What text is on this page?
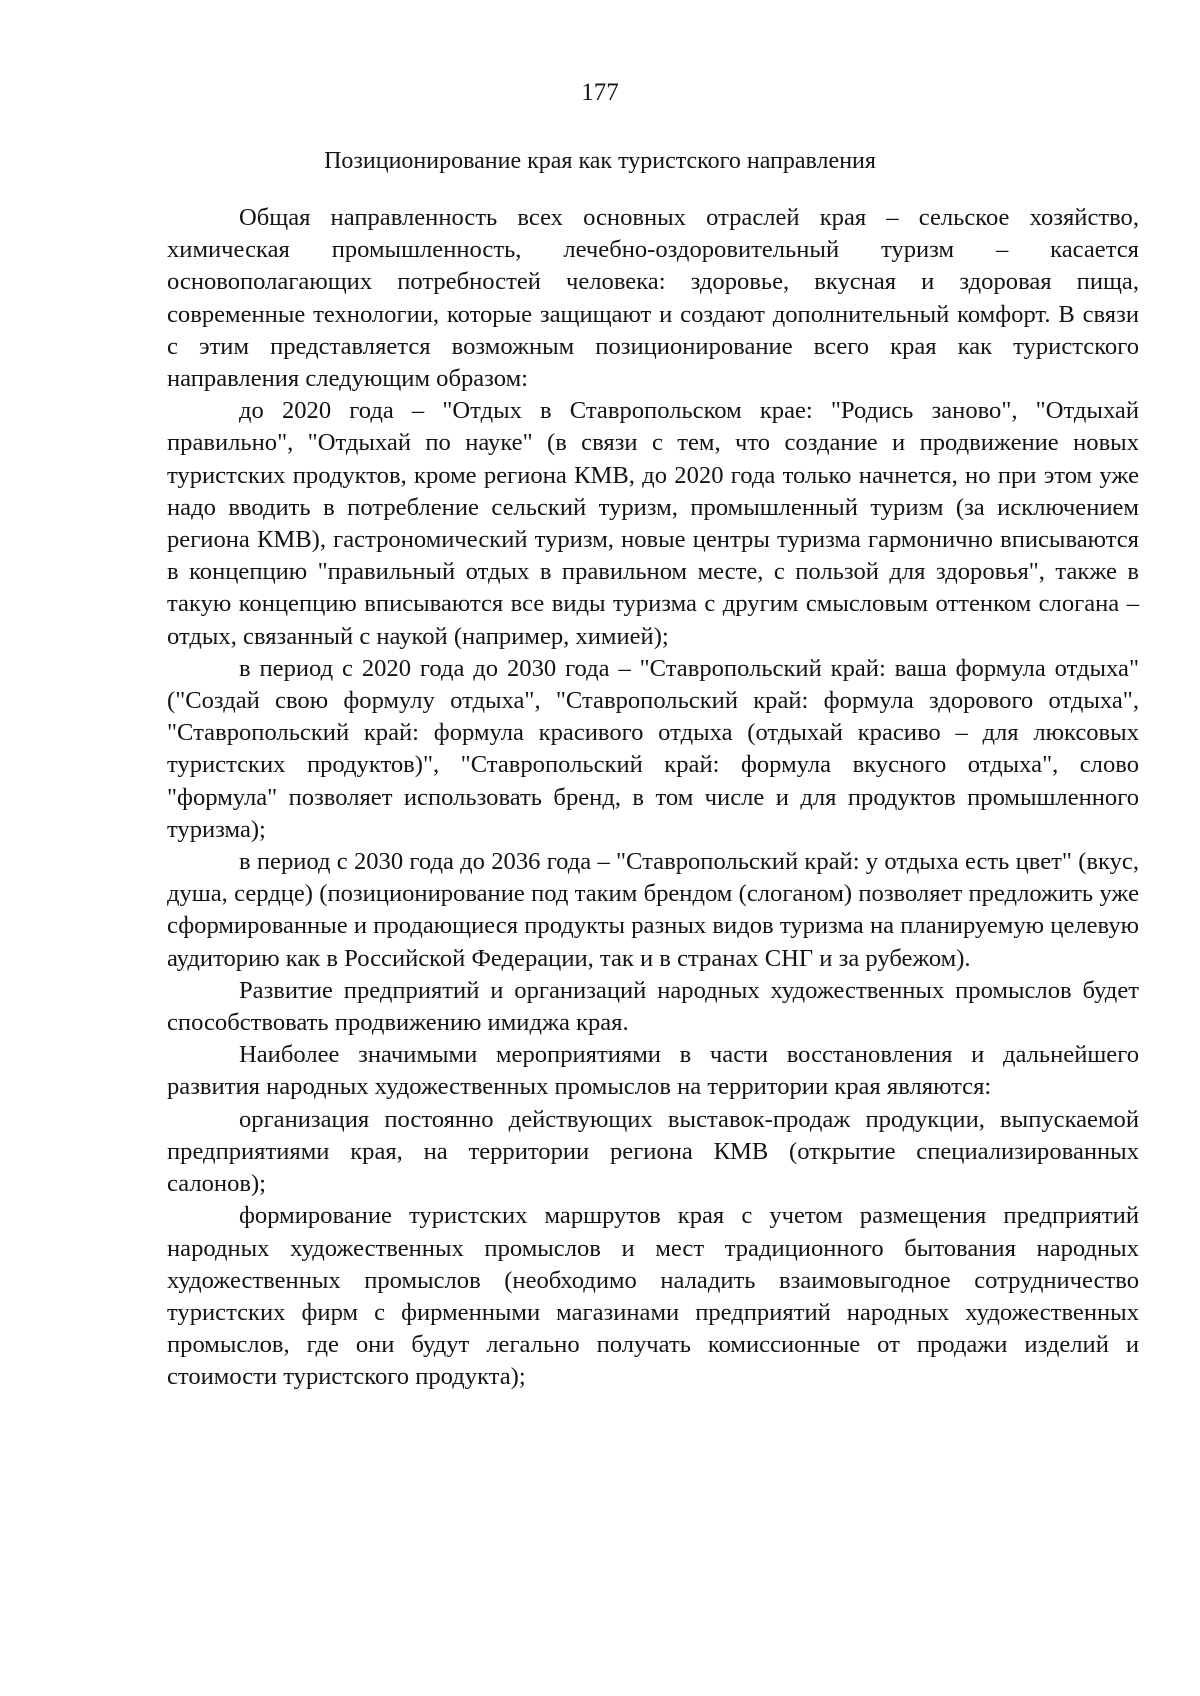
177
Позиционирование края как туристского направления

Общая направленность всех основных отраслей края – сельское хозяйство, химическая промышленность, лечебно-оздоровительный туризм – касается основополагающих потребностей человека: здоровье, вкусная и здоровая пища, современные технологии, которые защищают и создают дополнительный комфорт. В связи с этим представляется возможным позиционирование всего края как туристского направления следующим образом:

до 2020 года – "Отдых в Ставропольском крае: "Родись заново", "Отдыхай правильно", "Отдыхай по науке" (в связи с тем, что создание и продвижение новых туристских продуктов, кроме региона КМВ, до 2020 года только начнется, но при этом уже надо вводить в потребление сельский туризм, промышленный туризм (за исключением региона КМВ), гастрономический туризм, новые центры туризма гармонично вписываются в концепцию "правильный отдых в правильном месте, с пользой для здоровья", также в такую концепцию вписываются все виды туризма с другим смысловым оттенком слогана – отдых, связанный с наукой (например, химией);

в период с 2020 года до 2030 года – "Ставропольский край: ваша формула отдыха" ("Создай свою формулу отдыха", "Ставропольский край: формула здорового отдыха", "Ставропольский край: формула красивого отдыха (отдыхай красиво – для люксовых туристских продуктов)", "Ставропольский край: формула вкусного отдыха", слово "формула" позволяет использовать бренд, в том числе и для продуктов промышленного туризма);

в период с 2030 года до 2036 года – "Ставропольский край: у отдыха есть цвет" (вкус, душа, сердце) (позиционирование под таким брендом (слоганом) позволяет предложить уже сформированные и продающиеся продукты разных видов туризма на планируемую целевую аудиторию как в Российской Федерации, так и в странах СНГ и за рубежом).

Развитие предприятий и организаций народных художественных промыслов будет способствовать продвижению имиджа края.

Наиболее значимыми мероприятиями в части восстановления и дальнейшего развития народных художественных промыслов на территории края являются:

организация постоянно действующих выставок-продаж продукции, выпускаемой предприятиями края, на территории региона КМВ (открытие специализированных салонов);

формирование туристских маршрутов края с учетом размещения предприятий народных художественных промыслов и мест традиционного бытования народных художественных промыслов (необходимо наладить взаимовыгодное сотрудничество туристских фирм с фирменными магазинами предприятий народных художественных промыслов, где они будут легально получать комиссионные от продажи изделий и стоимости туристского продукта);
